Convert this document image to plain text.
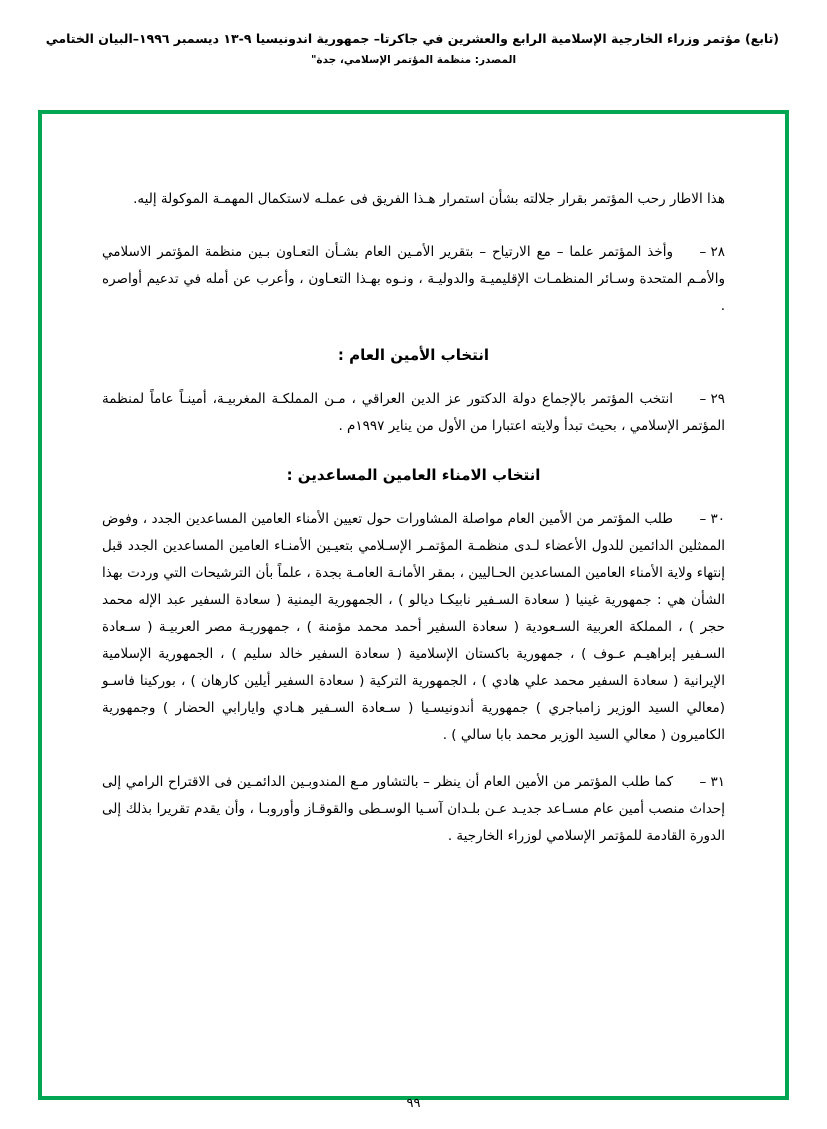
(تابع) مؤتمر وزراء الخارجية الإسلامية الرابع والعشرين في جاكرتا– جمهورية اندونيسيا ٩-١٣ ديسمبر ١٩٩٦–البيان الختامي
المصدر: منظمة المؤتمر الإسلامي، جدة"

هذا الاطار رحب المؤتمر بقرار جلالته بشأن استمرار هـذا الفريق فى عملـه لاستكمال المهمـة الموكولة إليه.

٢٨ –وأخذ المؤتمر علما – مع الارتياح – بتقرير الأمـين العام بشـأن التعـاون بـين منظمة المؤتمر الاسلامي والأمـم المتحدة وسـائر المنظمـات الإقليميـة والدوليـة ، ونـوه بهـذا التعـاون ، وأعرب عن أمله في تدعيم أواصره .

انتخاب الأمين العام :

٢٩ –انتخب المؤتمر بالإجماع دولة الدكتور عز الدين العراقي ، مـن المملكـة المغربيـة، أمينـاً عاماً لمنظمة المؤتمر الإسلامي ، بحيث تبدأ ولايته اعتبارا من الأول من يناير ١٩٩٧م .

انتخاب الامناء العامين المساعدين :

٣٠ –طلب المؤتمر من الأمين العام مواصلة المشاورات حول تعيين الأمناء العامين المساعدين الجدد ، وفوض الممثلين الدائمين للدول الأعضاء لـدى منظمـة المؤتمـر الإسـلامي بتعيـين الأمنـاء العامين المساعدين الجدد قبل إنتهاء ولاية الأمناء العامين المساعدين الحـاليين ، بمقر الأمانـة العامـة بجدة ، علماً بأن الترشيحات التي وردت بهذا الشأن هي : جمهورية غينيا ( سعادة السـفير نابيكـا ديالو ) ، الجمهورية اليمنية ( سعادة السفير عبد الإله محمد حجر ) ، المملكة العربية السـعودية ( سعادة السفير أحمد محمد مؤمنة ) ، جمهوريـة مصر العربيـة ( سـعادة السـفير إبراهيـم عـوف ) ، جمهورية باكستان الإسلامية ( سعادة السفير خالد سليم ) ، الجمهورية الإسلامية الإيرانية ( سعادة السفير محمد علي هادي ) ، الجمهورية التركية ( سعادة السفير أيلين كارهان ) ، بوركينا فاسـو (معالي السيد الوزير زامباجري ) جمهورية أندونيسـيا ( سـعادة السـفير هـادي وايارابي الحضار ) وجمهورية الكاميرون ( معالي السيد الوزير محمد بابا سالي ) .

٣١ –كما طلب المؤتمر من الأمين العام أن ينظر – بالتشاور مـع المندوبـين الدائمـين فى الاقتراح الرامي إلى إحداث منصب أمين عام مسـاعد جديـد عـن بلـدان آسـيا الوسـطى والقوقـاز وأوروبـا ، وأن يقدم تقريرا بذلك إلى الدورة القادمة للمؤتمر الإسلامي لوزراء الخارجية .

٩٩
